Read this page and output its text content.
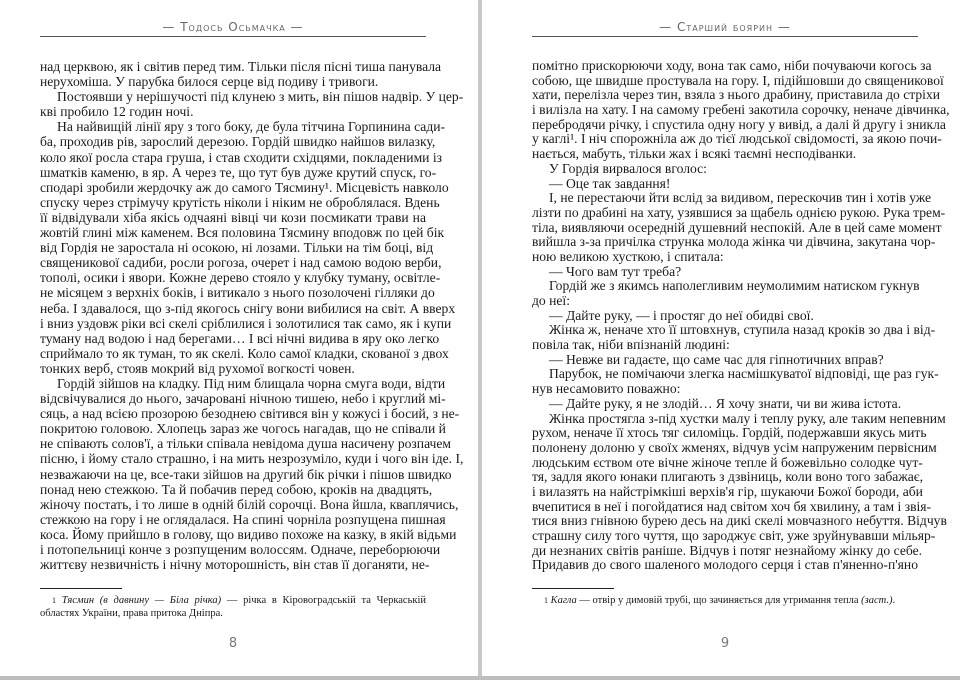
— Тодось Осьмачка —
над церквою, як і світив перед тим. Тільки після пісні тиша панувала
нерухоміша. У парубка билося серце від подиву і тривоги.
Постоявши у нерішучості під клунею з мить, він пішов надвір. У цер-
кві пробило 12 годин ночі.
На найвищій лінії яру з того боку, де була тітчина Горпинина сади-
ба, проходив рів, зарослий дерезою. Гордій швидко найшов вилазку,
коло якої росла стара груша, і став сходити східцями, покладеними із
шматків каменю, в яр. А через те, що тут був дуже крутий спуск, го-
сподарі зробили жердочку аж до самого Тясмину¹. Місцевість навколо
спуску через стрімучу крутість ніколи і ніким не оброблялася. Вдень
її відвідували хіба якісь одчаяні вівці чи кози посмикати трави на
жовтій глині між каменем. Вся половина Тясмину вподовж по цей бік
від Гордія не заростала ні осокою, ні лозами. Тільки на тім боці, від
священикової садиби, росли рогоза, очерет і над самою водою верби,
тополі, осики і явори. Кожне дерево стояло у клубку туману, освітле-
не місяцем з верхніх боків, і витикало з нього позолочені гілляки до
неба. І здавалося, що з-під якогось снігу вони вибилися на світ. А вверх
і вниз уздовж ріки всі скелі сріблилися і золотилися так само, як і купи
туману над водою і над берегами… І всі нічні видива в яру око легко
сприймало то як туман, то як скелі. Коло самої кладки, скованої з двох
тонких верб, стояв мокрий від рухомої вогкості човен.
Гордій зійшов на кладку. Під ним блищала чорна смуга води, відти
відсвічувалися до нього, зачаровані нічною тишею, небо і круглий мі-
сяць, а над всією прозорою безоднею світився він у кожусі і босий, з не-
покритою головою. Хлопець зараз же чогось нагадав, що не співали й
не співають солов'ї, а тільки співала невідома душа насичену розпачем
пісню, і йому стало страшно, і на мить незрозуміло, куди і чого він іде. І,
незважаючи на це, все-таки зійшов на другий бік річки і пішов швидко
понад нею стежкою. Та й побачив перед собою, кроків на двадцять,
жіночу постать, і то лише в одній білій сорочці. Вона йшла, кваплячись,
стежкою на гору і не оглядалася. На спині чорніла розпущена пишная
коса. Йому прийшло в голову, що видиво похоже на казку, в якій відьми
і потопельниці конче з розпущеним волоссям. Одначе, переборюючи
життєву незвичність і нічну моторошність, він став її доганяти, не-
$^1$ Тясмин (в давнину — Біла річка) — річка в Кіровоградській та Черкаській областях України, права притока Дніпра.
8
— Старший боярин —
помітно прискорюючи ходу, вона так само, ніби почуваючи когось за
собою, ще швидше простувала на гору. І, підійшовши до священикової
хати, перелізла через тин, взяла з нього драбину, приставила до стріхи
і вилізла на хату. І на самому гребені закотила сорочку, неначе дівчинка,
перебродячи річку, і спустила одну ногу у вивід, а далі й другу і зникла
у каглі¹. І ніч спорожніла аж до тієї людської свідомості, за якою почи-
нається, мабуть, тільки жах і всякі таємні несподіванки.
У Гордія вирвалося вголос:
— Оце так завдання!
І, не перестаючи йти вслід за видивом, перескочив тин і хотів уже
лізти по драбині на хату, узявшися за щабель однією рукою. Рука трем-
тіла, виявляючи осередній душевний неспокій. Але в цей саме момент
вийшла з-за причілка струнка молода жінка чи дівчина, закутана чор-
ною великою хусткою, і спитала:
— Чого вам тут треба?
Гордій же з якимсь наполегливим неумолимим натиском гукнув
до неї:
— Дайте руку, — і простяг до неї обидві свої.
Жінка ж, неначе хто її штовхнув, ступила назад кроків зо два і від-
повіла так, ніби впізнаній людині:
— Невже ви гадаєте, що саме час для гіпнотичних вправ?
Парубок, не помічаючи злегка насмішкуватої відповіді, ще раз гук-
нув несамовито поважно:
— Дайте руку, я не злодій… Я хочу знати, чи ви жива істота.
Жінка простягла з-під хустки малу і теплу руку, але таким непевним
рухом, неначе її хтось тяг силоміць. Гордій, подержавши якусь мить
полонену долоню у своїх жменях, відчув усім напруженим первісним
людським єством оте вічне жіноче тепле й божевільно солодке чут-
тя, задля якого юнаки плигають з дзвіниць, коли воно того забажає,
і вилазять на найстрімкіші верхів'я гір, шукаючи Божої бороди, аби
вчепитися в неї і погойдатися над світом хоч бя хвилину, а там і звія-
тися вниз гнівною бурею десь на дикі скелі мовчазного небуття. Відчув
страшну силу того чуття, що зароджує світ, уже зруйнувавши мільяр-
ди незнаних світів раніше. Відчув і потяг незнайому жінку до себе.
Придавив до свого шаленого молодого серця і став п'яненно-п'яно
$^1$ Кагла — отвір у димовій трубі, що зачиняється для утримання тепла (заст.).
9
